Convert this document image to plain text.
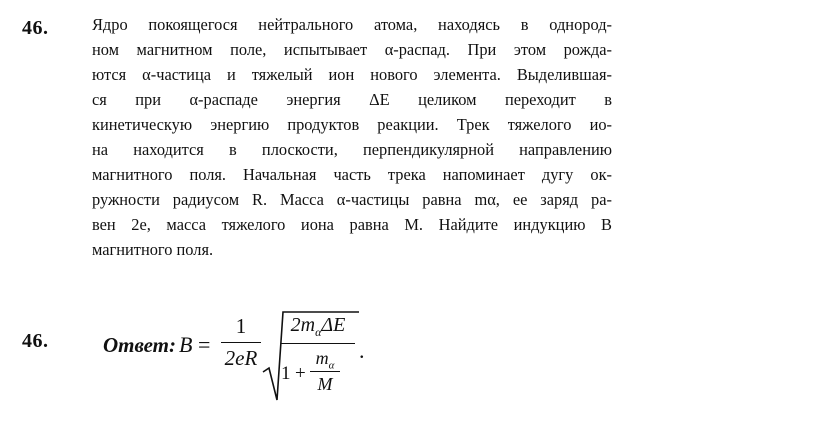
46.	Ядро покоящегося нейтрального атома, находясь в однород-
ном магнитном поле, испытывает α-распад. При этом рожда-
ются α-частица и тяжелый ион нового элемента. Выделившая-
ся при α-распаде энергия ΔE целиком переходит в
кинетическую энергию продуктов реакции. Трек тяжелого ио-
на находится в плоскости, перпендикулярной направлению
магнитного поля. Начальная часть трека напоминает дугу ок-
ружности радиусом R. Масса α-частицы равна mα, ее заряд ра-
вен 2e, масса тяжелого иона равна M. Найдите индукцию B
магнитного поля.

46.	Ответ: B =
1
2eR
$2m_\alpha\Delta E$
1 +
$m_\alpha$
M
.
